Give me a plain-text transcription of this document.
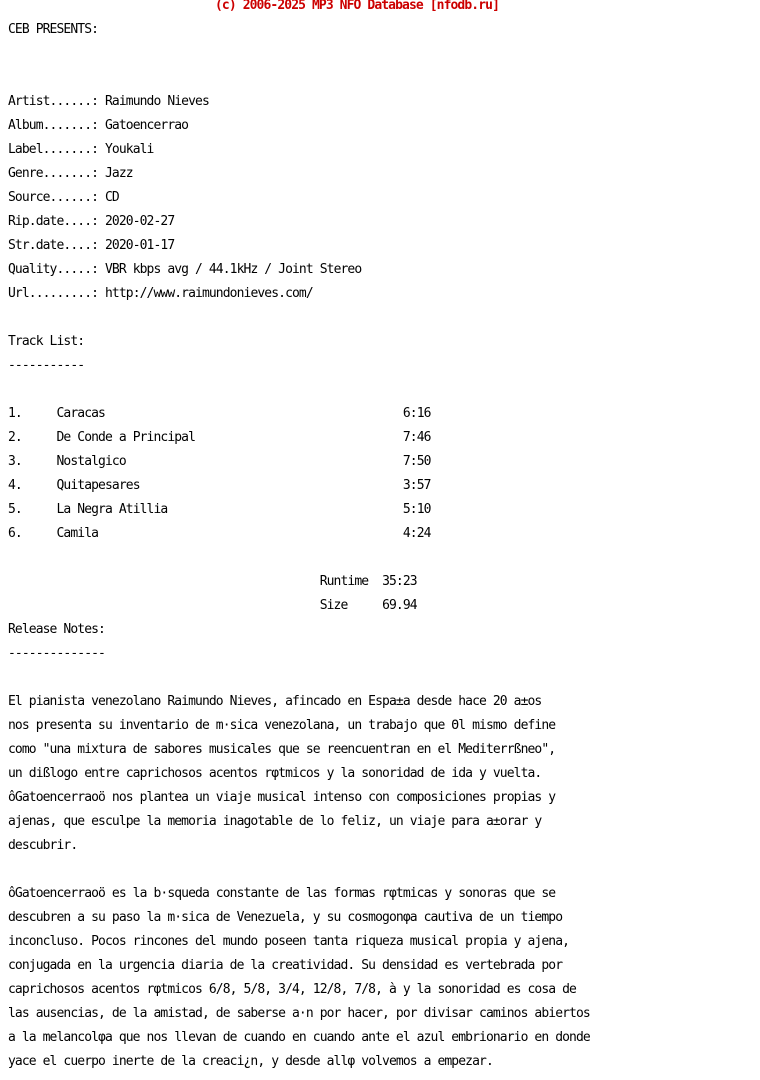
(c) 2006-2025 MP3 NFO Database [nfodb.ru]

CEB PRESENTS:

Artist......: Raimundo Nieves

Album.......: Gatoencerrao

Label.......: Youkali

Genre.......: Jazz

Source......: CD

Rip.date....: 2020-02-27

Str.date....: 2020-01-17

Quality.....: VBR kbps avg / 44.1kHz / Joint Stereo

Url.........: http://www.raimundonieves.com/

Track List:

-----------

1.	Caracas	6:16

2.	De Conde a Principal	7:46

3.	Nostalgico	7:50

4.	Quitapesares	3:57

5.	La Negra Atillia	5:10

6.	Camila	4:24

Runtime 35:23

Size	69.94

Release Notes:

--------------

El pianista venezolano Raimundo Nieves, afincado en Espa±a desde hace 20 a±os

nos presenta su inventario de m·sica venezolana, un trabajo que Θl mismo define

como "una mixtura de sabores musicales que se reencuentran en el Mediterrßneo",

un dißlogo entre caprichosos acentos rφtmicos y la sonoridad de ida y vuelta.

ôGatoencerraoö nos plantea un viaje musical intenso con composiciones propias y

ajenas, que esculpe la memoria inagotable de lo feliz, un viaje para a±orar y

descubrir.

ôGatoencerraoö es la b·squeda constante de las formas rφtmicas y sonoras que se

descubren a su paso la m·sica de Venezuela, y su cosmogonφa cautiva de un tiempo

inconcluso. Pocos rincones del mundo poseen tanta riqueza musical propia y ajena,

conjugada en la urgencia diaria de la creatividad. Su densidad es vertebrada por

caprichosos acentos rφtmicos 6/8, 5/8, 3/4, 12/8, 7/8, à y la sonoridad es cosa de

las ausencias, de la amistad, de saberse a·n por hacer, por divisar caminos abiertos

a la melancolφa que nos llevan de cuando en cuando ante el azul embrionario en donde

yace el cuerpo inerte de la creaci¿n, y desde allφ volvemos a empezar.
